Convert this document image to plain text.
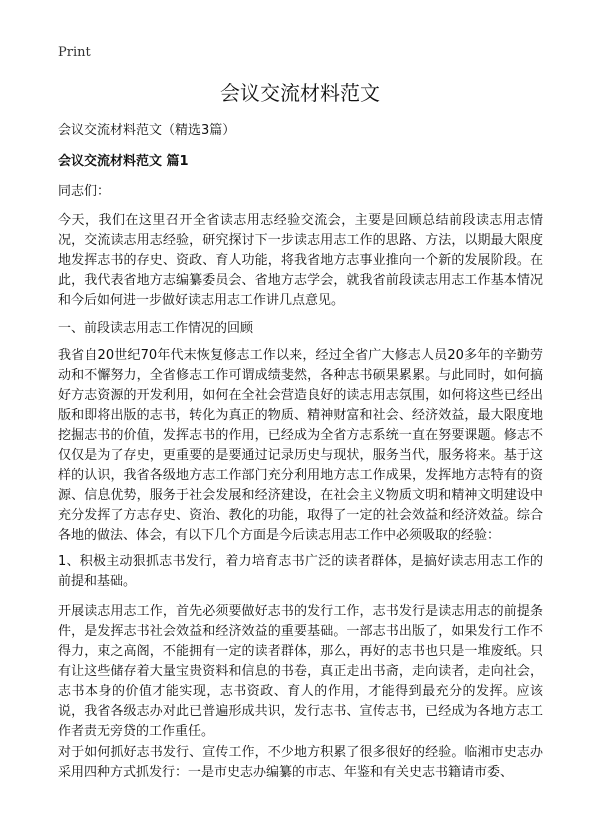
Print
会议交流材料范文
会议交流材料范文（精选3篇）
会议交流材料范文 篇1
同志们：
今天，我们在这里召开全省读志用志经验交流会，主要是回顾总结前段读志用志情况，交流读志用志经验，研究探讨下一步读志用志工作的思路、方法，以期最大限度地发挥志书的存史、资政、育人功能，将我省地方志事业推向一个新的发展阶段。在此，我代表省地方志编纂委员会、省地方志学会，就我省前段读志用志工作基本情况和今后如何进一步做好读志用志工作讲几点意见。
一、前段读志用志工作情况的回顾
我省自20世纪70年代末恢复修志工作以来，经过全省广大修志人员20多年的辛勤劳动和不懈努力，全省修志工作可谓成绩斐然，各种志书硕果累累。与此同时，如何搞好方志资源的开发利用，如何在全社会营造良好的读志用志氛围，如何将这些已经出版和即将出版的志书，转化为真正的物质、精神财富和社会、经济效益，最大限度地挖掘志书的价值，发挥志书的作用，已经成为全省方志系统一直在努要课题。修志不仅仅是为了存史，更重要的是要通过记录历史与现状，服务当代，服务将来。基于这样的认识，我省各级地方志工作部门充分利用地方志工作成果，发挥地方志特有的资源、信息优势，服务于社会发展和经济建设，在社会主义物质文明和精神文明建设中充分发挥了方志存史、资治、教化的功能，取得了一定的社会效益和经济效益。综合各地的做法、体会，有以下几个方面是今后读志用志工作中必须吸取的经验：
1、积极主动狠抓志书发行，着力培育志书广泛的读者群体，是搞好读志用志工作的前提和基础。
开展读志用志工作，首先必须要做好志书的发行工作，志书发行是读志用志的前提条件，是发挥志书社会效益和经济效益的重要基础。一部志书出版了，如果发行工作不得力，束之高阁，不能拥有一定的读者群体，那么，再好的志书也只是一堆废纸。只有让这些储存着大量宝贵资料和信息的书卷，真正走出书斋，走向读者，走向社会，志书本身的价值才能实现，志书资政、育人的作用，才能得到最充分的发挥。应该说，我省各级志办对此已普遍形成共识，发行志书、宣传志书，已经成为各地方志工作者责无旁贷的工作重任。
对于如何抓好志书发行、宣传工作，不少地方积累了很多很好的经验。临湘市史志办采用四种方式抓发行：一是市史志办编纂的市志、年鉴和有关史志书籍请市委、
